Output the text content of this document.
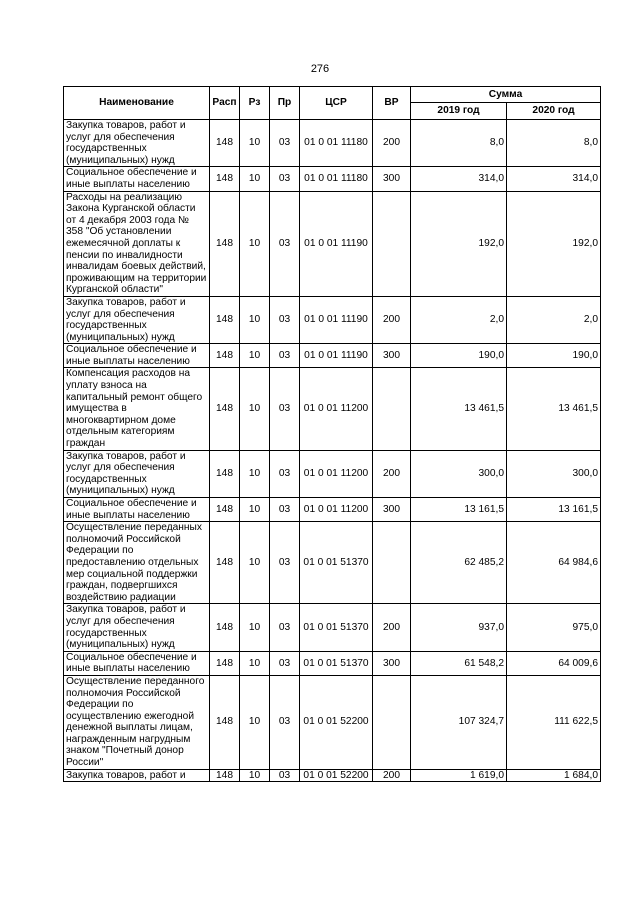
276
Наименование	Расп	Рз	Пр	ЦСР	ВР	Сумма	
						2019 год	2020 год
Закупка товаров, работ и услуг для обеспечения государственных (муниципальных) нужд	148	10	03	01 0 01 11180	200	8,0	8,0
Социальное обеспечение и иные выплаты населению	148	10	03	01 0 01 11180	300	314,0	314,0
Расходы на реализацию Закона Курганской области от 4 декабря 2003 года № 358 "Об установлении ежемесячной доплаты к пенсии по инвалидности инвалидам боевых действий, проживающим на территории Курганской области"	148	10	03	01 0 01 11190		192,0	192,0
Закупка товаров, работ и услуг для обеспечения государственных (муниципальных) нужд	148	10	03	01 0 01 11190	200	2,0	2,0
Социальное обеспечение и иные выплаты населению	148	10	03	01 0 01 11190	300	190,0	190,0
Компенсация расходов на уплату взноса на капитальный ремонт общего имущества в многоквартирном доме отдельным категориям граждан	148	10	03	01 0 01 11200		13 461,5	13 461,5
Закупка товаров, работ и услуг для обеспечения государственных (муниципальных) нужд	148	10	03	01 0 01 11200	200	300,0	300,0
Социальное обеспечение и иные выплаты населению	148	10	03	01 0 01 11200	300	13 161,5	13 161,5
Осуществление переданных полномочий Российской Федерации по предоставлению отдельных мер социальной поддержки граждан, подвергшихся воздействию радиации	148	10	03	01 0 01 51370		62 485,2	64 984,6
Закупка товаров, работ и услуг для обеспечения государственных (муниципальных) нужд	148	10	03	01 0 01 51370	200	937,0	975,0
Социальное обеспечение и иные выплаты населению	148	10	03	01 0 01 51370	300	61 548,2	64 009,6
Осуществление переданного полномочия Российской Федерации по осуществлению ежегодной денежной выплаты лицам, награжденным нагрудным знаком "Почетный донор России"	148	10	03	01 0 01 52200		107 324,7	111 622,5
Закупка товаров, работ и	148	10	03	01 0 01 52200	200	1 619,0	1 684,0
